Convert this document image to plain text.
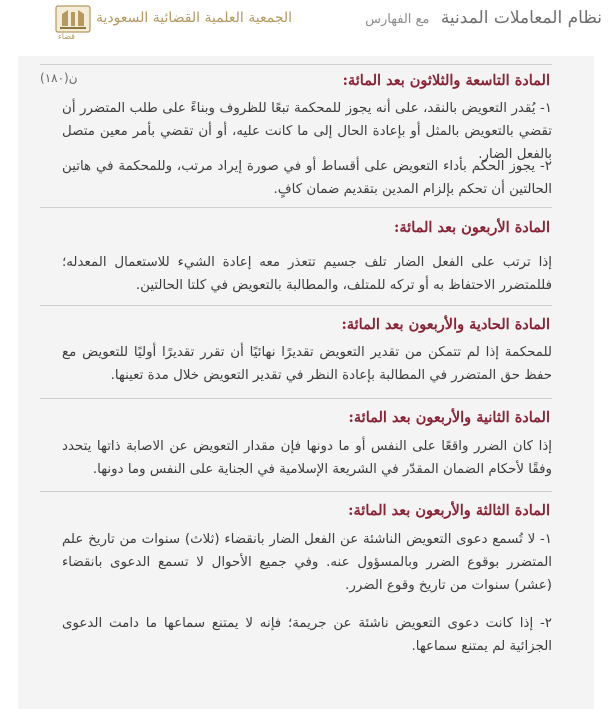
نظام المعاملات المدنية مع الفهارس
الجمعية العلمية القضائية السعودية
قضاء
ن(١٨٠)	المادة التاسعة والثلاثون بعد المائة:
١- يُقدر التعويض بالنقد، على أنه يجوز للمحكمة تبعًا للظروف وبناءً على طلب المتضرر أن تقضي بالتعويض بالمثل أو بإعادة الحال إلى ما كانت عليه، أو أن تقضي بأمر معين متصل بالفعل الضار.
٢- يجوز الحكم بأداء التعويض على أقساط أو في صورة إيراد مرتب، وللمحكمة في هاتين الحالتين أن تحكم بإلزام المدين بتقديم ضمان كافٍ.
المادة الأربعون بعد المائة:
إذا ترتب على الفعل الضار تلف جسيم تتعذر معه إعادة الشيء للاستعمال المعدله؛ فللمتضرر الاحتفاظ به أو تركه للمتلف، والمطالبة بالتعويض في كلتا الحالتين.
المادة الحادية والأربعون بعد المائة:
للمحكمة إذا لم تتمكن من تقدير التعويض تقديرًا نهائيًا أن تقرر تقديرًا أوليًا للتعويض مع حفظ حق المتضرر في المطالبة بإعادة النظر في تقدير التعويض خلال مدة تعينها.
المادة الثانية والأربعون بعد المائة:
إذا كان الضرر واقعًا على النفس أو ما دونها فإن مقدار التعويض عن الاصابة ذاتها يتحدد وفقًا لأحكام الضمان المقدّر في الشريعة الإسلامية في الجناية على النفس وما دونها.
المادة الثالثة والأربعون بعد المائة:
١- لا تُسمع دعوى التعويض الناشئة عن الفعل الضار بانقضاء (ثلاث) سنوات من تاريخ علم المتضرر بوقوع الضرر وبالمسؤول عنه. وفي جميع الأحوال لا تسمع الدعوى بانقضاء (عشر) سنوات من تاريخ وقوع الضرر.
٢- إذا كانت دعوى التعويض ناشئة عن جريمة؛ فإنه لا يمتنع سماعها ما دامت الدعوى الجزائية لم يمتنع سماعها.
